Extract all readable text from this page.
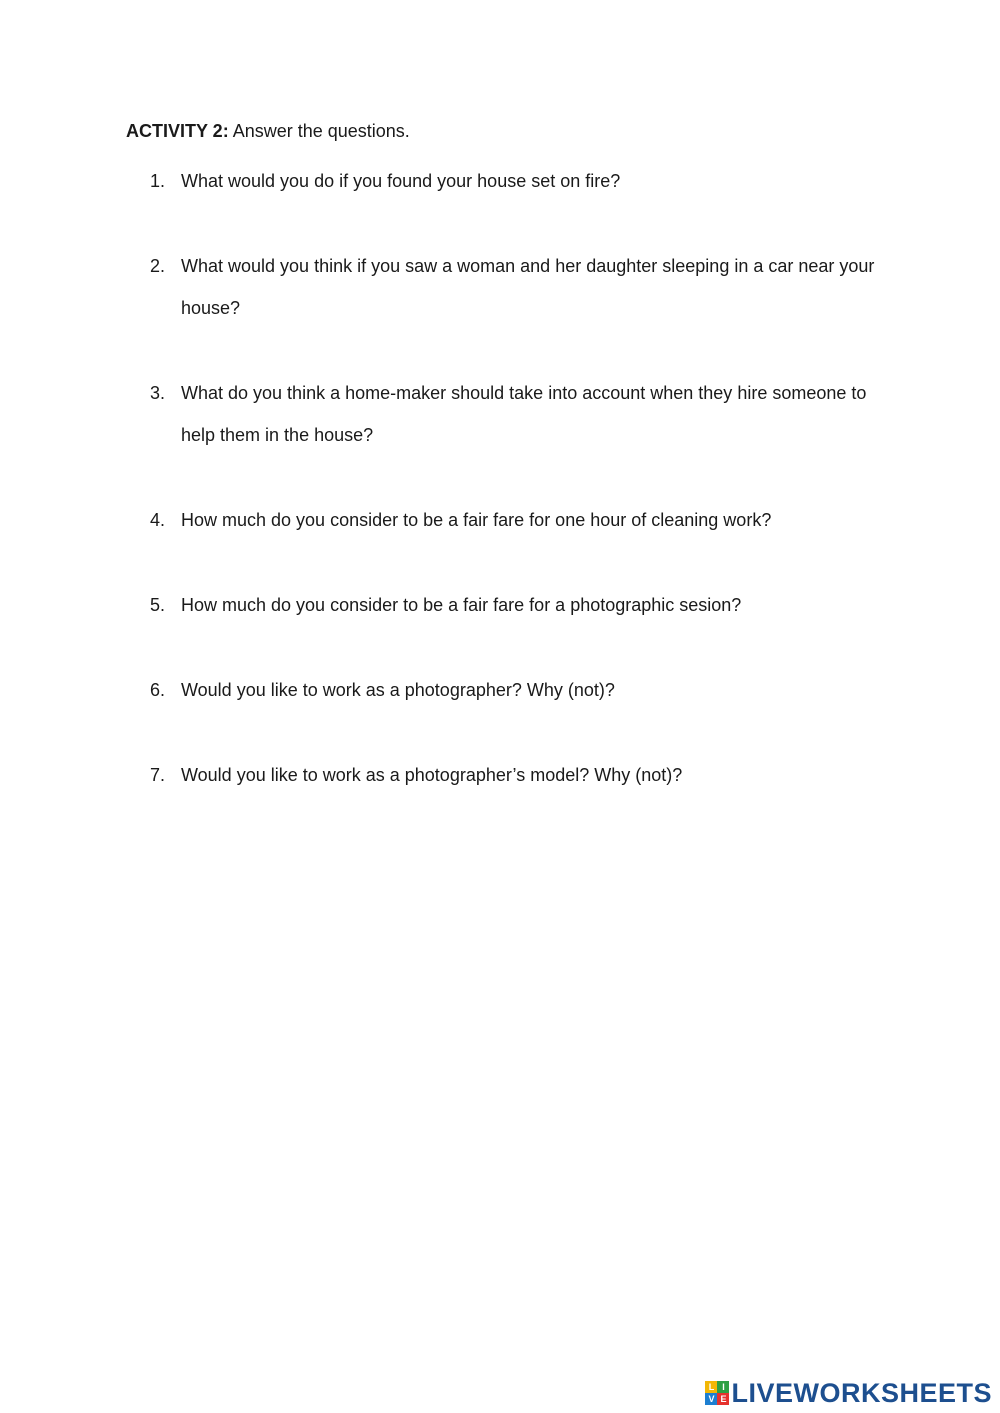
ACTIVITY 2: Answer the questions.
1. What would you do if you found your house set on fire?
2. What would you think if you saw a woman and her daughter sleeping in a car near your house?
3. What do you think a home-maker should take into account when they hire someone to help them in the house?
4. How much do you consider to be a fair fare for one hour of cleaning work?
5. How much do you consider to be a fair fare for a photographic sesion?
6. Would you like to work as a photographer? Why (not)?
7. Would you like to work as a photographer’s model? Why (not)?
L I
V E LIVEWORKSHEETS
